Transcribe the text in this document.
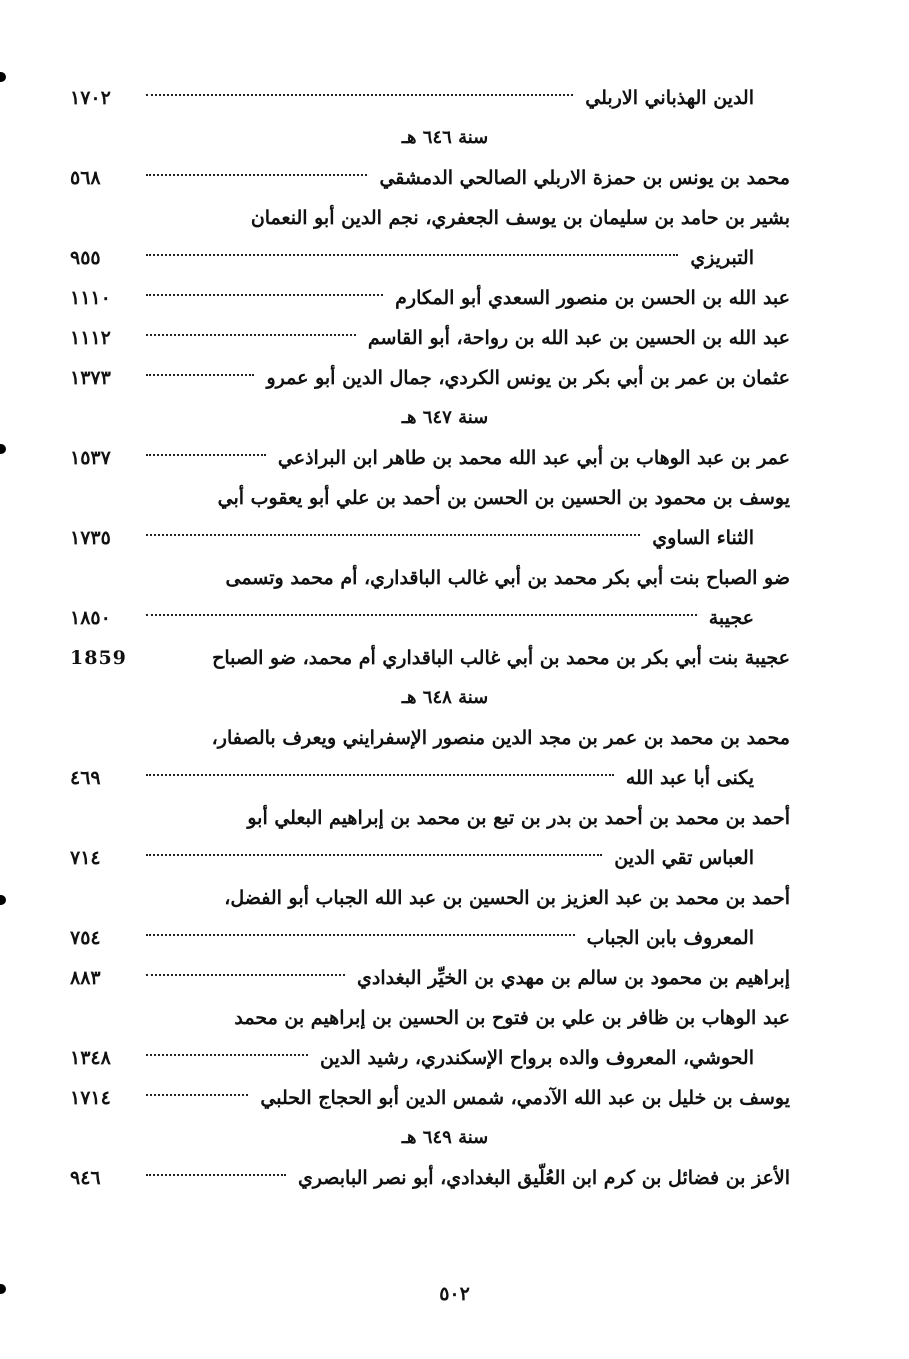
الدين الهذباني الاربلي
١٧٠٢
سنة ٦٤٦ هـ
محمد بن يونس بن حمزة الاربلي الصالحي الدمشقي
٥٦٨
بشير بن حامد بن سليمان بن يوسف الجعفري، نجم الدين أبو النعمان
التبريزي
٩٥٥
عبد الله بن الحسن بن منصور السعدي أبو المكارم
١١١٠
عبد الله بن الحسين بن عبد الله بن رواحة، أبو القاسم
١١١٢
عثمان بن عمر بن أبي بكر بن يونس الكردي، جمال الدين أبو عمرو
١٣٧٣
سنة ٦٤٧ هـ
عمر بن عبد الوهاب بن أبي عبد الله محمد بن طاهر ابن البراذعي
١٥٣٧
يوسف بن محمود بن الحسين بن الحسن بن أحمد بن علي أبو يعقوب أبي
الثناء الساوي
١٧٣٥
ضو الصباح بنت أبي بكر محمد بن أبي غالب الباقداري، أم محمد وتسمى
عجيبة
١٨٥٠
عجيبة بنت أبي بكر بن محمد بن أبي غالب الباقداري أم محمد، ضو الصباح
1859
سنة ٦٤٨ هـ
محمد بن محمد بن عمر بن مجد الدين منصور الإسفرايني ويعرف بالصفار،
يكنى أبا عبد الله
٤٦٩
أحمد بن محمد بن أحمد بن بدر بن تبع بن محمد بن إبراهيم البعلي أبو
العباس تقي الدين
٧١٤
أحمد بن محمد بن عبد العزيز بن الحسين بن عبد الله الجباب أبو الفضل،
المعروف بابن الجباب
٧٥٤
إبراهيم بن محمود بن سالم بن مهدي بن الخيِّر البغدادي
٨٨٣
عبد الوهاب بن ظافر بن علي بن فتوح بن الحسين بن إبراهيم بن محمد
الحوشي، المعروف والده برواح الإسكندري، رشيد الدين
١٣٤٨
يوسف بن خليل بن عبد الله الآدمي، شمس الدين أبو الحجاج الحلبي
١٧١٤
سنة ٦٤٩ هـ
الأعز بن فضائل بن كرم ابن العُلّيق البغدادي، أبو نصر البابصري
٩٤٦
٥٠٢
